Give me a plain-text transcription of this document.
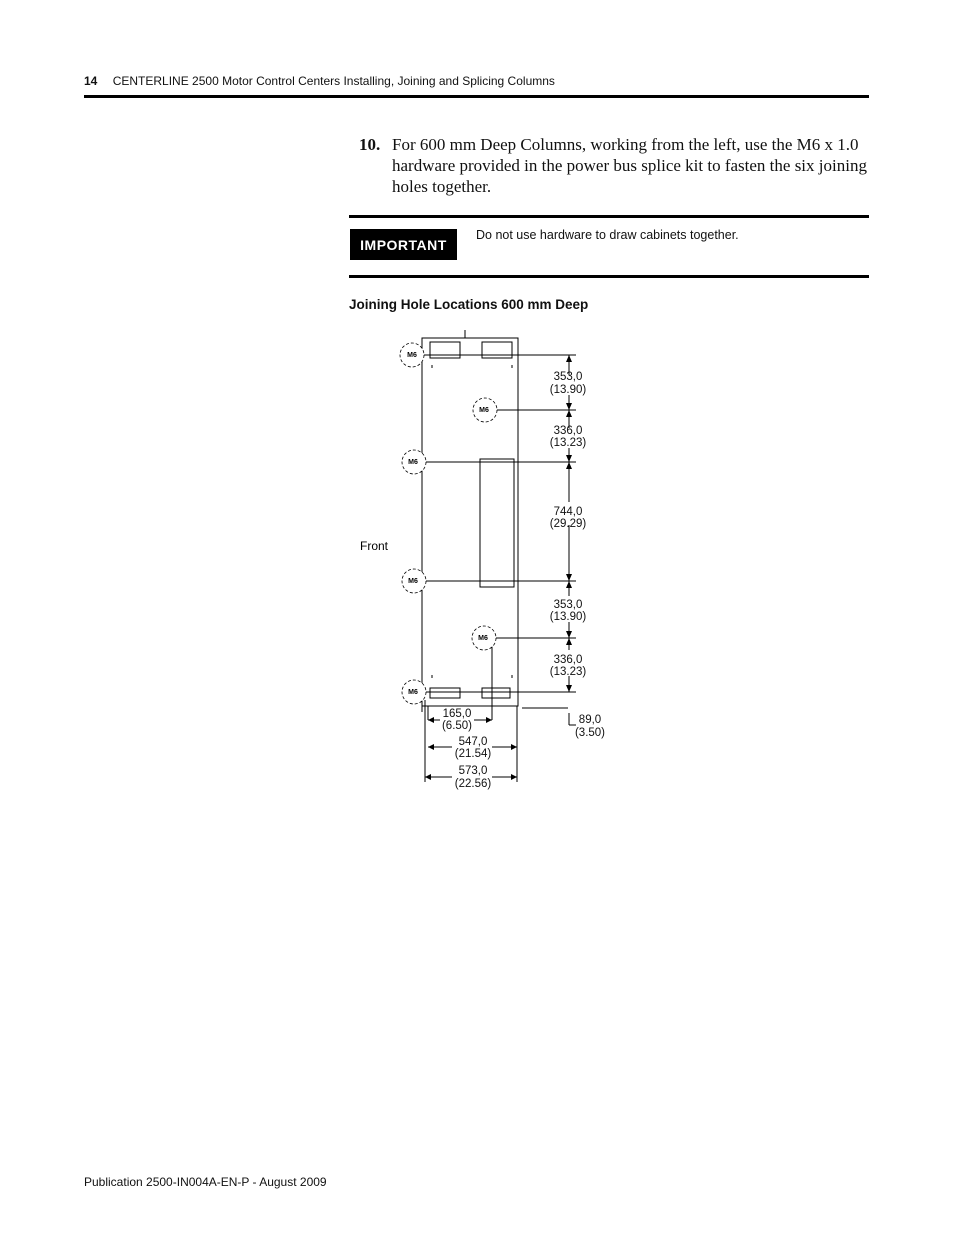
14 CENTERLINE 2500 Motor Control Centers Installing, Joining and Splicing Columns
10. For 600 mm Deep Columns, working from the left, use the M6 x 1.0 hardware provided in the power bus splice kit to fasten the six joining holes together.
IMPORTANT
Do not use hardware to draw cabinets together.
Joining Hole Locations 600 mm Deep
M6
M6
M6
M6
M6
M6
Front
353,0
(13.90)
336,0
(13.23)
744,0
(29.29)
353,0
(13.90)
336,0
(13.23)
89,0
(3.50)
165,0
(6.50)
547,0
(21.54)
573,0
(22.56)
Publication 2500-IN004A-EN-P - August 2009
